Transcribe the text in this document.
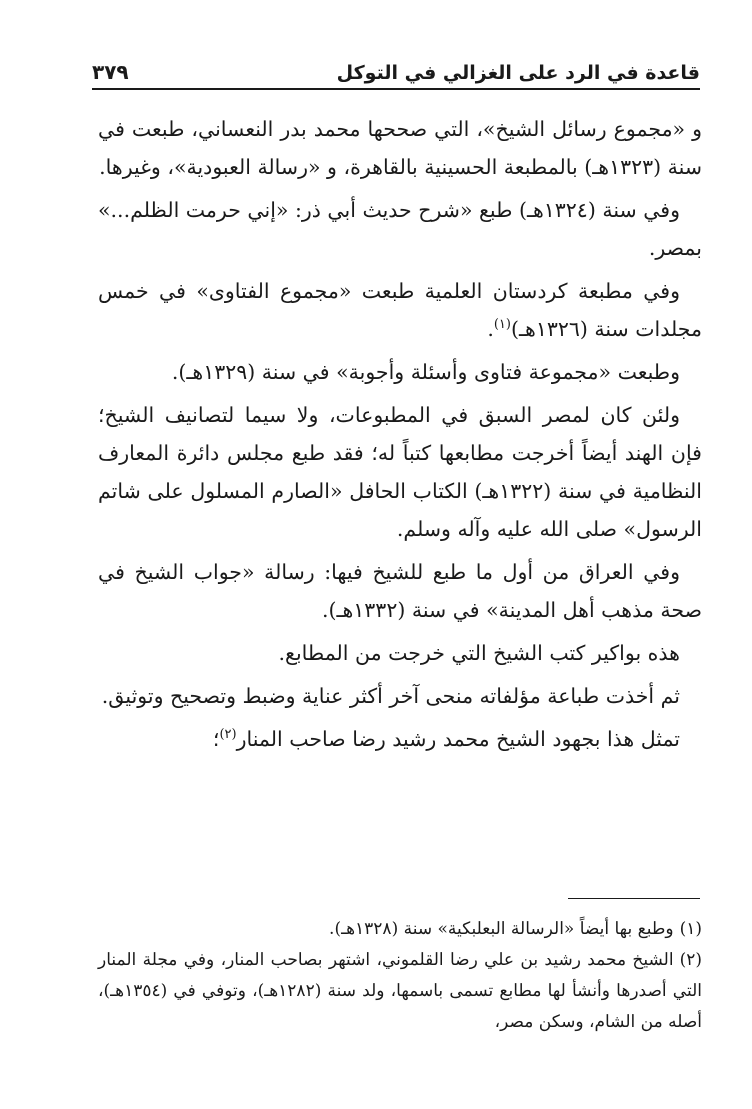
قاعدة في الرد على الغزالي في التوكل
٣٧٩

و «مجموع رسائل الشيخ»، التي صححها محمد بدر النعساني، طبعت في سنة (١٣٢٣هـ) بالمطبعة الحسينية بالقاهرة، و «رسالة العبودية»، وغيرها.

وفي سنة (١٣٢٤هـ) طبع «شرح حديث أبي ذر: «إني حرمت الظلم...» بمصر.

وفي مطبعة كردستان العلمية طبعت «مجموع الفتاوى» في خمس مجلدات سنة (١٣٢٦هـ)$^{(١)}$.

وطبعت «مجموعة فتاوى وأسئلة وأجوبة» في سنة (١٣٢٩هـ).

ولئن كان لمصر السبق في المطبوعات، ولا سيما لتصانيف الشيخ؛ فإن الهند أيضاً أخرجت مطابعها كتباً له؛ فقد طبع مجلس دائرة المعارف النظامية في سنة (١٣٢٢هـ) الكتاب الحافل «الصارم المسلول على شاتم الرسول» صلى الله عليه وآله وسلم.

وفي العراق من أول ما طبع للشيخ فيها: رسالة «جواب الشيخ في صحة مذهب أهل المدينة» في سنة (١٣٣٢هـ).

هذه بواكير كتب الشيخ التي خرجت من المطابع.

ثم أخذت طباعة مؤلفاته منحى آخر أكثر عناية وضبط وتصحيح وتوثيق.

تمثل هذا بجهود الشيخ محمد رشيد رضا صاحب المنار$^{(٢)}$؛

(١)وطبع بها أيضاً «الرسالة البعلبكية» سنة (١٣٢٨هـ).

(٢)الشيخ محمد رشيد بن علي رضا القلموني، اشتهر بصاحب المنار، وفي مجلة المنار التي أصدرها وأنشأ لها مطابع تسمى باسمها، ولد سنة (١٢٨٢هـ)، وتوفي في (١٣٥٤هـ)، أصله من الشام، وسكن مصر،
